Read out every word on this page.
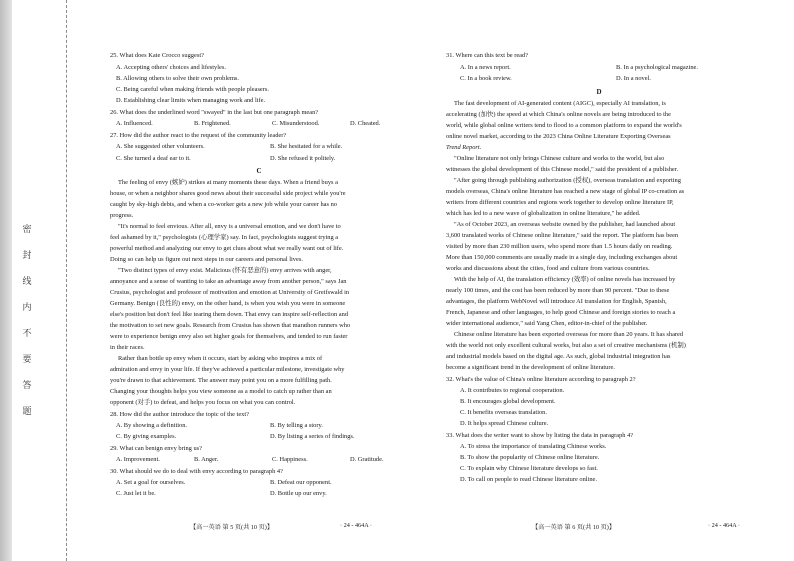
密
封
线
内
不
要
答
题
25. What does Kate Crocco suggest?
A. Accepting others' choices and lifestyles.
B. Allowing others to solve their own problems.
C. Being careful when making friends with people pleasers.
D. Establishing clear limits when managing work and life.
26. What does the underlined word "swayed" in the last but one paragraph mean?
A. Influenced.	B. Frightened.	C. Misunderstood.	D. Cheated.
27. How did the author react to the request of the community leader?
A. She suggested other volunteers.	B. She hesitated for a while.
C. She turned a deaf ear to it.	D. She refused it politely.
C
The feeling of envy (嫉妒) strikes at many moments these days. When a friend buys a
house, or when a neighbor shares good news about their successful side project while you're
caught by sky-high debts, and when a co-worker gets a new job while your career has no
progress.
"It's normal to feel envious. After all, envy is a universal emotion, and we don't have to
feel ashamed by it," psychologists (心理学家) say. In fact, psychologists suggest trying a
powerful method and analyzing our envy to get clues about what we really want out of life.
Doing so can help us figure out next steps in our careers and personal lives.
"Two distinct types of envy exist. Malicious (怀有恶意的) envy arrives with anger,
annoyance and a sense of wanting to take an advantage away from another person," says Jan
Crusius, psychologist and professor of motivation and emotion at University of Greifswald in
Germany. Benign (良性的) envy, on the other hand, is when you wish you were in someone
else's position but don't feel like tearing them down. That envy can inspire self-reflection and
the motivation to set new goals. Research from Crusius has shown that marathon runners who
were to experience benign envy also set higher goals for themselves, and tended to run faster
in their races.
Rather than bottle up envy when it occurs, start by asking who inspires a mix of
admiration and envy in your life. If they've achieved a particular milestone, investigate why
you're drawn to that achievement. The answer may point you on a more fulfilling path.
Changing your thoughts helps you view someone as a model to catch up rather than an
opponent (对手) to defeat, and helps you focus on what you can control.
28. How did the author introduce the topic of the text?
A. By showing a definition.	B. By telling a story.
C. By giving examples.	D. By listing a series of findings.
29. What can benign envy bring us?
A. Improvement.	B. Anger.	C. Happiness.	D. Gratitude.
30. What should we do to deal with envy according to paragraph 4?
A. Set a goal for ourselves.	B. Defeat our opponent.
C. Just let it be.	D. Bottle up our envy.
【高一英语 第 5 页(共 10 页)】	· 24 - 464A ·
31. Where can this text be read?
A. In a news report.	B. In a psychological magazine.
C. In a book review.	D. In a novel.
D
The fast development of AI-generated content (AIGC), especially AI translation, is
accelerating (加快) the speed at which China's online novels are being introduced to the
world, while global online writers tend to flood to a common platform to expand the world's
online novel market, according to the 2023 China Online Literature Exporting Overseas
Trend Report.
"Online literature not only brings Chinese culture and works to the world, but also
witnesses the global development of this Chinese model," said the president of a publisher.
"After going through publishing authorization (授权), overseas translation and exporting
models overseas, China's online literature has reached a new stage of global IP co-creation as
writers from different countries and regions work together to develop online literature IP,
which has led to a new wave of globalization in online literature," he added.
"As of October 2023, an overseas website owned by the publisher, had launched about
3,600 translated works of Chinese online literature," said the report. The platform has been
visited by more than 230 million users, who spend more than 1.5 hours daily on reading.
More than 150,000 comments are usually made in a single day, including exchanges about
works and discussions about the cities, food and culture from various countries.
With the help of AI, the translation efficiency (效率) of online novels has increased by
nearly 100 times, and the cost has been reduced by more than 90 percent. "Due to these
advantages, the platform WebNovel will introduce AI translation for English, Spanish,
French, Japanese and other languages, to help good Chinese and foreign stories to reach a
wider international audience," said Yang Chen, editor-in-chief of the publisher.
Chinese online literature has been exported overseas for more than 20 years. It has shared
with the world not only excellent cultural works, but also a set of creative mechanisms (机制)
and industrial models based on the digital age. As such, global industrial integration has
become a significant trend in the development of online literature.
32. What's the value of China's online literature according to paragraph 2?
A. It contributes to regional cooperation.
B. It encourages global development.
C. It benefits overseas translation.
D. It helps spread Chinese culture.
33. What does the writer want to show by listing the data in paragraph 4?
A. To stress the importance of translating Chinese works.
B. To show the popularity of Chinese online literature.
C. To explain why Chinese literature develops so fast.
D. To call on people to read Chinese literature online.
【高一英语 第 6 页(共 10 页)】	· 24 - 464A ·
